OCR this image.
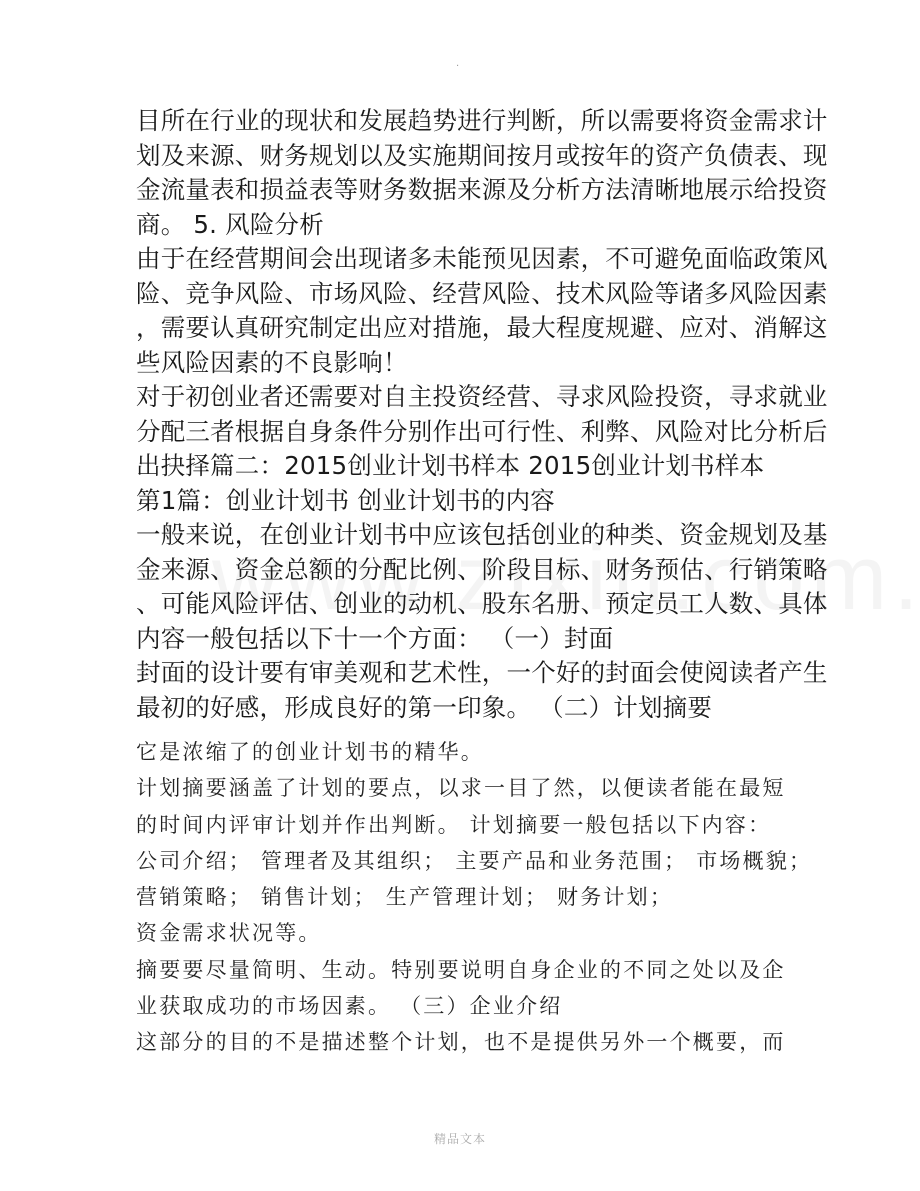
.
目所在行业的现状和发展趋势进行判断，所以需要将资金需求计
划及来源、财务规划以及实施期间按月或按年的资产负债表、现
金流量表和损益表等财务数据来源及分析方法清晰地展示给投资
商。 5. 风险分析
由于在经营期间会出现诸多未能预见因素，不可避免面临政策风
险、竞争风险、市场风险、经营风险、技术风险等诸多风险因素
，需要认真研究制定出应对措施，最大程度规避、应对、消解这
些风险因素的不良影响！
对于初创业者还需要对自主投资经营、寻求风险投资，寻求就业
分配三者根据自身条件分别作出可行性、利弊、风险对比分析后
出抉择篇二：2015创业计划书样本 2015创业计划书样本
第1篇：创业计划书 创业计划书的内容
一般来说，在创业计划书中应该包括创业的种类、资金规划及基
金来源、资金总额的分配比例、阶段目标、财务预估、行销策略
、可能风险评估、创业的动机、股东名册、预定员工人数、具体
内容一般包括以下十一个方面： （一）封面
封面的设计要有审美观和艺术性，一个好的封面会使阅读者产生
最初的好感，形成良好的第一印象。 （二）计划摘要
它是浓缩了的创业计划书的精华。
计划摘要涵盖了计划的要点，以求一目了然，以便读者能在最短
的时间内评审计划并作出判断。 计划摘要一般包括以下内容：
公司介绍； 管理者及其组织； 主要产品和业务范围； 市场概貌；
营销策略； 销售计划； 生产管理计划； 财务计划；
资金需求状况等。
摘要要尽量简明、生动。特别要说明自身企业的不同之处以及企
业获取成功的市场因素。 （三）企业介绍
这部分的目的不是描述整个计划，也不是提供另外一个概要，而
精品文本
